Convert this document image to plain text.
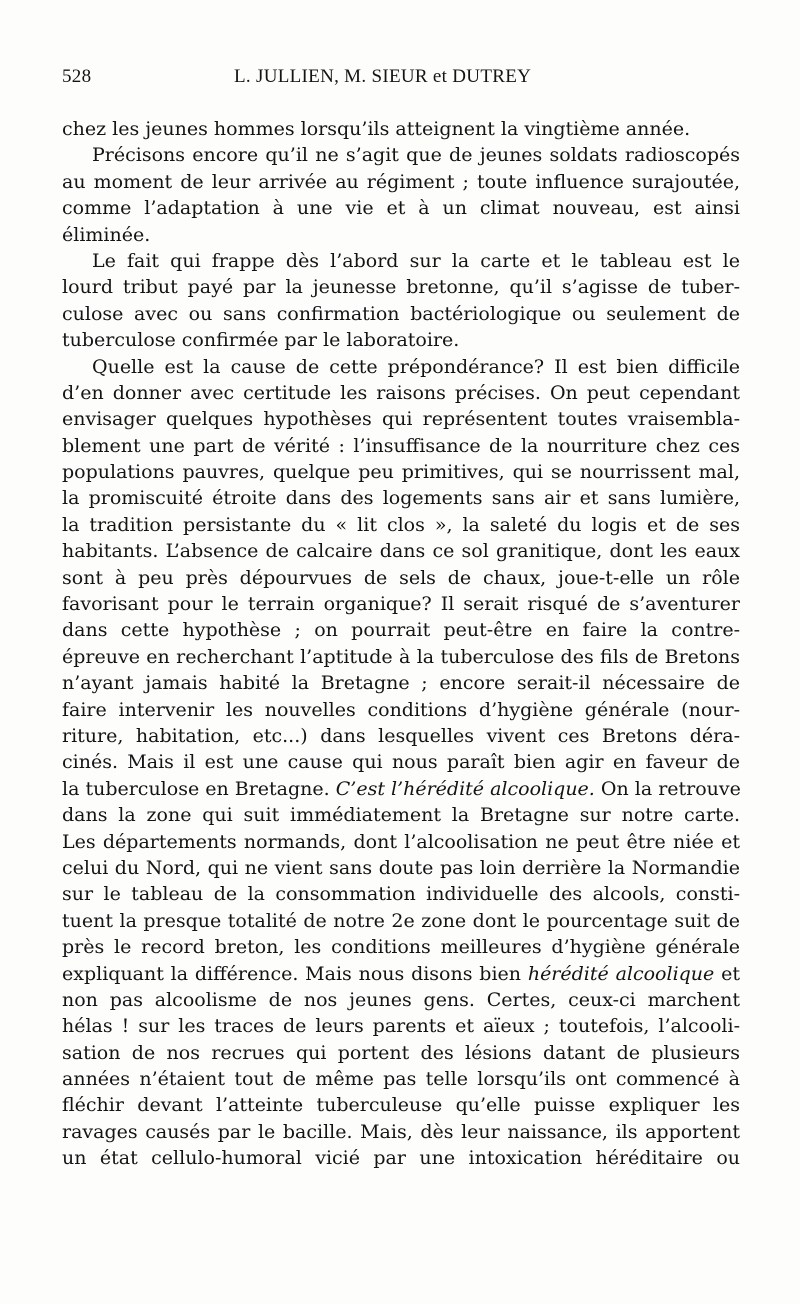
528	L. JULLIEN, M. SIEUR et DUTREY
chez les jeunes hommes lorsqu’ils atteignent la vingtième année.
Précisons encore qu’il ne s’agit que de jeunes soldats radioscopés
au moment de leur arrivée au régiment ; toute influence surajoutée,
comme l’adaptation à une vie et à un climat nouveau, est ainsi
éliminée.
Le fait qui frappe dès l’abord sur la carte et le tableau est le
lourd tribut payé par la jeunesse bretonne, qu’il s’agisse de tuber-
culose avec ou sans confirmation bactériologique ou seulement de
tuberculose confirmée par le laboratoire.
Quelle est la cause de cette prépondérance? Il est bien difficile
d’en donner avec certitude les raisons précises. On peut cependant
envisager quelques hypothèses qui représentent toutes vraisembla-
blement une part de vérité : l’insuffisance de la nourriture chez ces
populations pauvres, quelque peu primitives, qui se nourrissent mal,
la promiscuité étroite dans des logements sans air et sans lumière,
la tradition persistante du « lit clos », la saleté du logis et de ses
habitants. L’absence de calcaire dans ce sol granitique, dont les eaux
sont à peu près dépourvues de sels de chaux, joue-t-elle un rôle
favorisant pour le terrain organique? Il serait risqué de s’aventurer
dans cette hypothèse ; on pourrait peut-être en faire la contre-
épreuve en recherchant l’aptitude à la tuberculose des fils de Bretons
n’ayant jamais habité la Bretagne ; encore serait-il nécessaire de
faire intervenir les nouvelles conditions d’hygiène générale (nour-
riture, habitation, etc...) dans lesquelles vivent ces Bretons déra-
cinés. Mais il est une cause qui nous paraît bien agir en faveur de
la tuberculose en Bretagne. C’est l’hérédité alcoolique. On la retrouve
dans la zone qui suit immédiatement la Bretagne sur notre carte.
Les départements normands, dont l’alcoolisation ne peut être niée et
celui du Nord, qui ne vient sans doute pas loin derrière la Normandie
sur le tableau de la consommation individuelle des alcools, consti-
tuent la presque totalité de notre 2e zone dont le pourcentage suit de
près le record breton, les conditions meilleures d’hygiène générale
expliquant la différence. Mais nous disons bien hérédité alcoolique et
non pas alcoolisme de nos jeunes gens. Certes, ceux-ci marchent
hélas ! sur les traces de leurs parents et aïeux ; toutefois, l’alcooli-
sation de nos recrues qui portent des lésions datant de plusieurs
années n’étaient tout de même pas telle lorsqu’ils ont commencé à
fléchir devant l’atteinte tuberculeuse qu’elle puisse expliquer les
ravages causés par le bacille. Mais, dès leur naissance, ils apportent
un état cellulo-humoral vicié par une intoxication héréditaire ou
